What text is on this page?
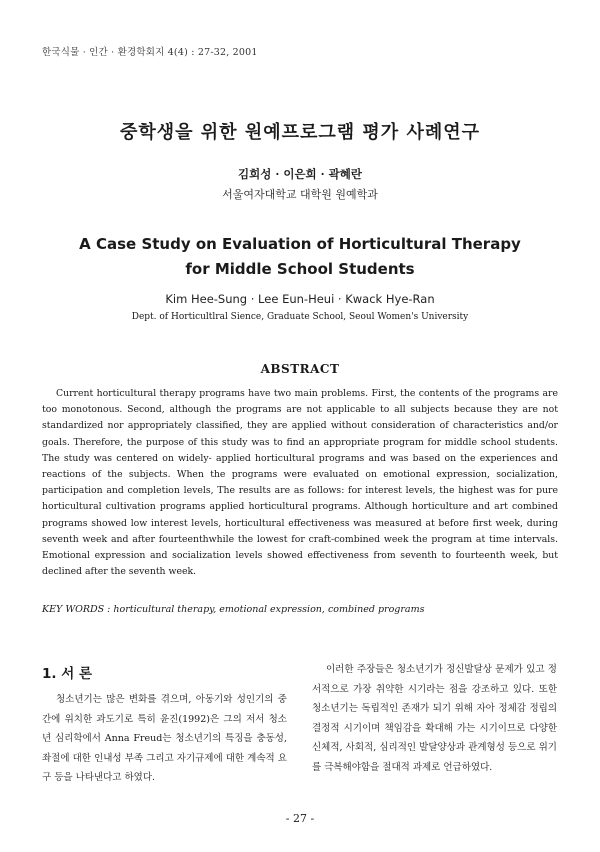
한국식물 · 인간 · 환경학회지 4(4) : 27-32, 2001
중학생을 위한 원예프로그램 평가 사례연구
김희성 · 이은희 · 곽혜란
서울여자대학교 대학원 원예학과
A Case Study on Evaluation of Horticultural Therapy
for Middle School Students
Kim Hee-Sung · Lee Eun-Heui · Kwack Hye-Ran
Dept. of Horticultlral Sience, Graduate School, Seoul Women's University
ABSTRACT
Current horticultural therapy programs have two main problems. First, the contents of the programs are too monotonous. Second, although the programs are not applicable to all subjects because they are not standardized nor appropriately classified, they are applied without consideration of characteristics and/or goals. Therefore, the purpose of this study was to find an appropriate program for middle school students. The study was centered on widely- applied horticultural programs and was based on the experiences and reactions of the subjects. When the programs were evaluated on emotional expression, socialization, participation and completion levels, The results are as follows: for interest levels, the highest was for pure horticultural cultivation programs applied horticultural programs. Although horticulture and art combined programs showed low interest levels, horticultural effectiveness was measured at before first week, during seventh week and after fourteenthwhile the lowest for craft-combined week the program at time intervals. Emotional expression and socialization levels showed effectiveness from seventh to fourteenth week, but declined after the seventh week.
KEY WORDS : horticultural therapy, emotional expression, combined programs
1. 서 론

청소년기는 많은 변화를 겪으며, 아동기와 성인기의 중간에 위치한 과도기로 특히 윤진(1992)은 그의 저서 청소년 심리학에서 Anna Freud는 청소년기의 특징을 충동성, 좌절에 대한 인내성 부족 그리고 자기규제에 대한 계속적 요구 등을 나타낸다고 하였다.

이러한 주장들은 청소년기가 정신발달상 문제가 있고 정서적으로 가장 취약한 시기라는 점을 강조하고 있다. 또한 청소년기는 독립적인 존재가 되기 위해 자아 정체감 정립의 결정적 시기이며 책임감을 확대해 가는 시기이므로 다양한 신체적, 사회적, 심리적인 발달양상과 관계형성 등으로 위기를 극복해야함을 절대적 과제로 언급하였다.

- 27 -
